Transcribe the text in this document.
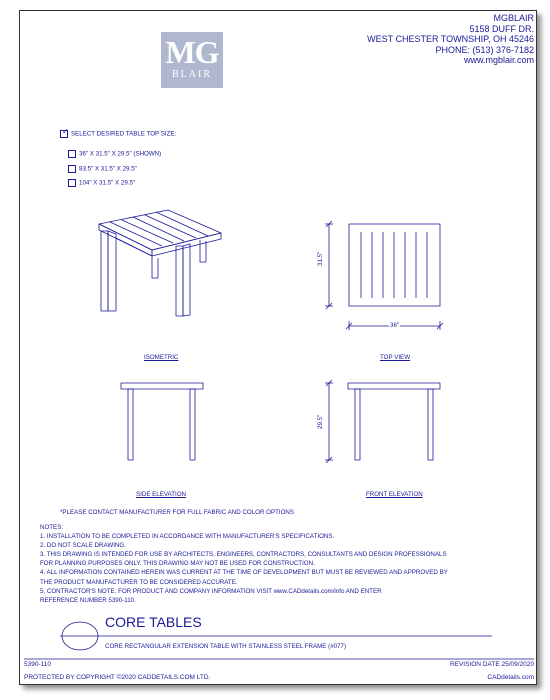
MG
BLAIR
MGBLAIR
5158 DUFF DR.
WEST CHESTER TOWNSHIP, OH 45246
PHONE: (513) 376-7182
www.mgblair.com
✓ SELECT DESIRED TABLE TOP SIZE:
36" X 31.5" X 29.5" (SHOWN)
83.5" X 31.5" X 29.5"
104" X 31.5" X 29.5"
31.5"
36"
29.5"
ISOMETRIC	TOP VIEW
SIDE ELEVATION	FRONT ELEVATION
*PLEASE CONTACT MANUFACTURER FOR FULL FABRIC AND COLOR OPTIONS
NOTES:
1. INSTALLATION TO BE COMPLETED IN ACCORDANCE WITH MANUFACTURER'S SPECIFICATIONS.
2. DO NOT SCALE DRAWING.
3. THIS DRAWING IS INTENDED FOR USE BY ARCHITECTS, ENGINEERS, CONTRACTORS, CONSULTANTS AND DESIGN PROFESSIONALS
FOR PLANNING PURPOSES ONLY. THIS DRAWING MAY NOT BE USED FOR CONSTRUCTION.
4. ALL INFORMATION CONTAINED HEREIN WAS CURRENT AT THE TIME OF DEVELOPMENT BUT MUST BE REVIEWED AND APPROVED BY
THE PRODUCT MANUFACTURER TO BE CONSIDERED ACCURATE.
5. CONTRACTOR'S NOTE: FOR PRODUCT AND COMPANY INFORMATION VISIT www.CADdetails.com/info AND ENTER
REFERENCE NUMBER 5390-110.
CORE TABLES
CORE RECTANGULAR EXTENSION TABLE WITH STAINLESS STEEL FRAME (#077)
5390-110	REVISION DATE 25/09/2020
PROTECTED BY COPYRIGHT ©2020 CADDETAILS.COM LTD.	CADdetails.com
